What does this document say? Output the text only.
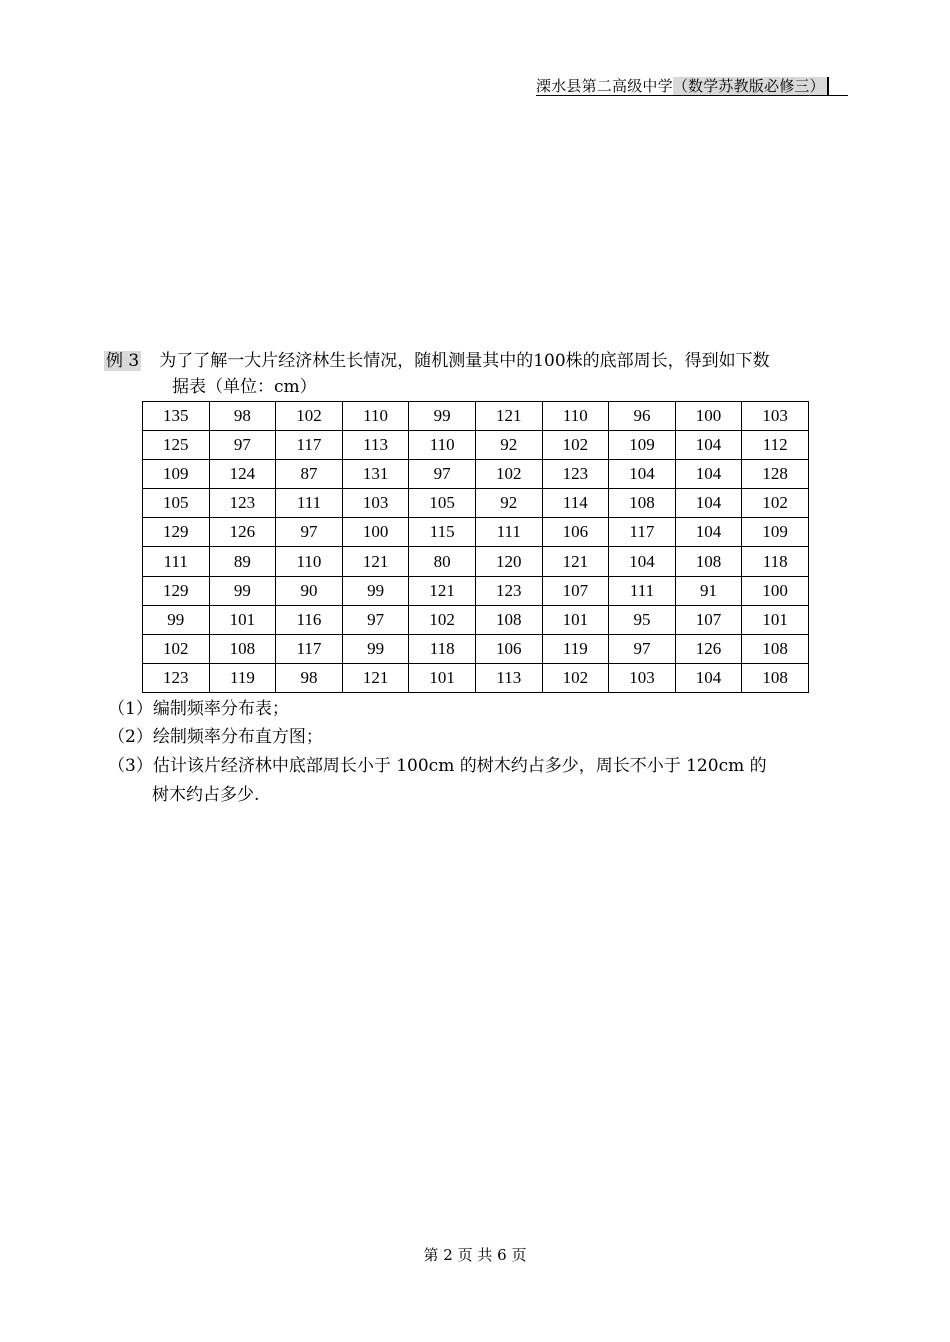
溧水县第二高级中学（数学苏教版必修三）
例 3 为了了解一大片经济林生长情况，随机测量其中的100株的底部周长，得到如下数
据表（单位：cm）
135	98	102	110	99	121	110	96	100	103
125	97	117	113	110	92	102	109	104	112
109	124	87	131	97	102	123	104	104	128
105	123	111	103	105	92	114	108	104	102
129	126	97	100	115	111	106	117	104	109
111	89	110	121	80	120	121	104	108	118
129	99	90	99	121	123	107	111	91	100
99	101	116	97	102	108	101	95	107	101
102	108	117	99	118	106	119	97	126	108
123	119	98	121	101	113	102	103	104	108
（1）编制频率分布表；
（2）绘制频率分布直方图；
（3）估计该片经济林中底部周长小于 100cm 的树木约占多少，周长不小于 120cm 的
树木约占多少.
第 2 页 共 6 页
